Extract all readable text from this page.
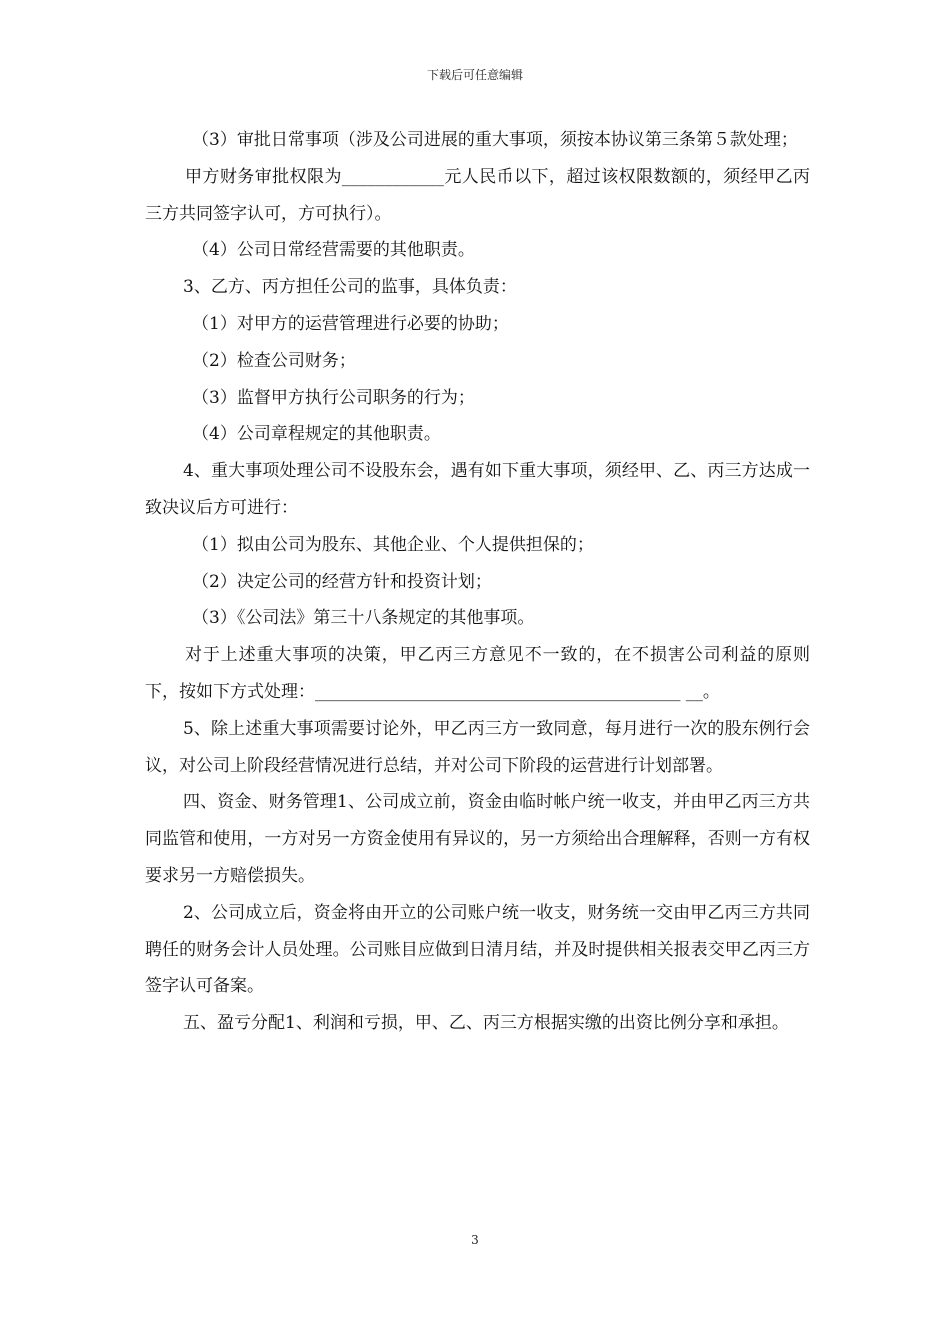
下载后可任意编辑

（3）审批日常事项（涉及公司进展的重大事项，须按本协议第三条第５款处理；

甲方财务审批权限为____________元人民币以下，超过该权限数额的，须经甲乙丙三方共同签字认可，方可执行）。

（4）公司日常经营需要的其他职责。

3、乙方、丙方担任公司的监事，具体负责：

（1）对甲方的运营管理进行必要的协助；

（2）检查公司财务；

（3）监督甲方执行公司职务的行为；

（4）公司章程规定的其他职责。

4、重大事项处理公司不设股东会，遇有如下重大事项，须经甲、乙、丙三方达成一致决议后方可进行：

（1）拟由公司为股东、其他企业、个人提供担保的；

（2）决定公司的经营方针和投资计划；

（3）《公司法》第三十八条规定的其他事项。

对于上述重大事项的决策，甲乙丙三方意见不一致的，在不损害公司利益的原则下，按如下方式处理：___________________________________________ __。

5、除上述重大事项需要讨论外，甲乙丙三方一致同意，每月进行一次的股东例行会议，对公司上阶段经营情况进行总结，并对公司下阶段的运营进行计划部署。

四、资金、财务管理1、公司成立前，资金由临时帐户统一收支，并由甲乙丙三方共同监管和使用，一方对另一方资金使用有异议的，另一方须给出合理解释，否则一方有权要求另一方赔偿损失。

2、公司成立后，资金将由开立的公司账户统一收支，财务统一交由甲乙丙三方共同聘任的财务会计人员处理。公司账目应做到日清月结，并及时提供相关报表交甲乙丙三方签字认可备案。

五、盈亏分配1、利润和亏损，甲、乙、丙三方根据实缴的出资比例分享和承担。

3
